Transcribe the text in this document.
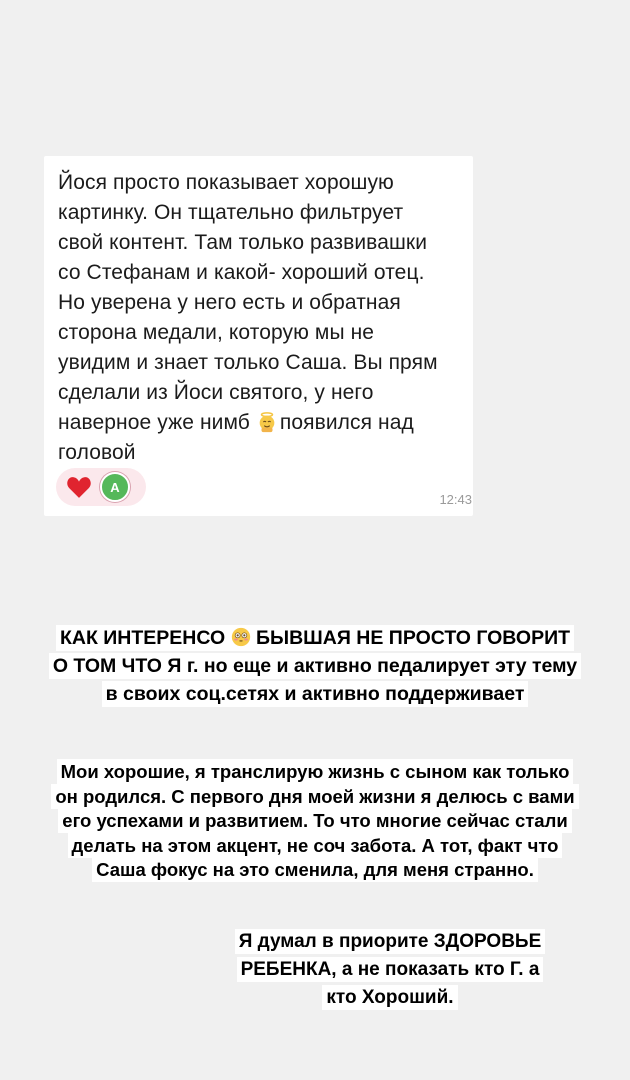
Йося просто показывает хорошую
картинку. Он тщательно фильтрует
свой контент. Там только развивашки
со Стефанам и какой- хороший отец.
Но уверена у него есть и обратная
сторона медали, которую мы не
увидим и знает только Саша. Вы прям
сделали из Йоси святого, у него
наверное уже нимб появился над
головой
A
12:43
КАК ИНТЕРЕНСО  БЫВШАЯ НЕ ПРОСТО ГОВОРИТ
О ТОМ ЧТО Я г. но еще и активно педалирует эту тему
в своих соц.сетях и активно поддерживает
Мои хорошие, я транслирую жизнь с сыном как только
он родился. С первого дня моей жизни я делюсь с вами
его успехами и развитием. То что многие сейчас стали
делать на этом акцент, не соч забота. А тот, факт что
Саша фокус на это сменила, для меня странно.
Я думал в приорите ЗДОРОВЬЕ
РЕБЕНКА, а не показать кто Г. а
кто Хороший.
